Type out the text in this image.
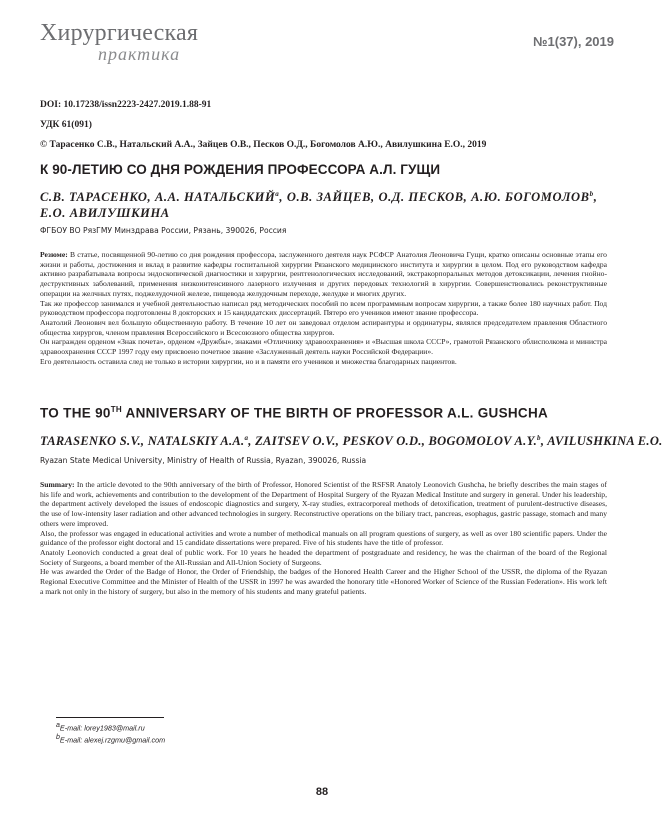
Хирургическая
практика
№1(37), 2019
DOI: 10.17238/issn2223-2427.2019.1.88-91
УДК 61(091)
© Тарасенко С.В., Натальский А.А., Зайцев О.В., Песков О.Д., Богомолов А.Ю., Авилушкина Е.О., 2019
К 90-ЛЕТИЮ СО ДНЯ РОЖДЕНИЯ ПРОФЕССОРА А.Л. ГУЩИ
С.В. ТАРАСЕНКО, А.А. НАТАЛЬСКИЙ$^a$, О.В. ЗАЙЦЕВ, О.Д. ПЕСКОВ, А.Ю. БОГОМОЛОВ$^b$,
Е.О. АВИЛУШКИНА
ФГБОУ ВО РязГМУ Минздрава России, Рязань, 390026, Россия

Резюме: В статье, посвященной 90-летию со дня рождения профессора, заслуженного деятеля наук РСФСР Анатолия Леоновича Гущи, кратко описаны основные этапы его жизни и работы, достижения и вклад в развитие кафедры госпитальной хирургии Рязанского медицинского института и хирургии в целом. Под его руководством кафедра активно разрабатывала вопросы эндоскопической диагностики и хирургии, рентгенологических исследований, экстракорпоральных методов детоксикации, лечения гнойно-деструктивных заболеваний, применения низкоинтенсивного лазерного излучения и других передовых технологий в хирургии. Совершенствовались реконструктивные операции на желчных путях, поджелудочной железе, пищевода желудочным переходе, желудке и многих других.

Так же профессор занимался и учебной деятельностью написал ряд методических пособий по всем программным вопросам хирургии, а также более 180 научных работ. Под руководством профессора подготовлены 8 докторских и 15 кандидатских диссертаций. Пятеро его учеников имеют звание профессора.

Анатолий Леонович вел большую общественную работу. В течение 10 лет он заведовал отделом аспирантуры и ординатуры, являлся председателем правления Областного общества хирургов, членом правления Всероссийского и Всесоюзного общества хирургов.

Он награжден орденом «Знак почета», орденом «Дружбы», знаками «Отличнику здравоохранения» и «Высшая школа СССР», грамотой Рязанского облисполкома и министра здравоохранения СССР 1997 году ему присвоено почетное звание «Заслуженный деятель науки Российской Федерации».

Его деятельность оставила след не только в истории хирургии, но и в памяти его учеников и множества благодарных пациентов.

TO THE 90TH ANNIVERSARY OF THE BIRTH OF PROFESSOR A.L. GUSHCHA
TARASENKO S.V., NATALSKIY A.A.$^a$, ZAITSEV O.V., PESKOV O.D., BOGOMOLOV A.Y.$^b$, AVILUSHKINA E.O.
Ryazan State Medical University, Ministry of Health of Russia, Ryazan, 390026, Russia

Summary: In the article devoted to the 90th anniversary of the birth of Professor, Honored Scientist of the RSFSR Anatoly Leonovich Gushcha, he briefly describes the main stages of his life and work, achievements and contribution to the development of the Department of Hospital Surgery of the Ryazan Medical Institute and surgery in general. Under his leadership, the department actively developed the issues of endoscopic diagnostics and surgery, X-ray studies, extracorporeal methods of detoxification, treatment of purulent-destructive diseases, the use of low-intensity laser radiation and other advanced technologies in surgery. Reconstructive operations on the biliary tract, pancreas, esophagus, gastric passage, stomach and many others were improved.

Also, the professor was engaged in educational activities and wrote a number of methodical manuals on all program questions of surgery, as well as over 180 scientific papers. Under the guidance of the professor eight doctoral and 15 candidate dissertations were prepared. Five of his students have the title of professor.

Anatoly Leonovich conducted a great deal of public work. For 10 years he headed the department of postgraduate and residency, he was the chairman of the board of the Regional Society of Surgeons, a board member of the All-Russian and All-Union Society of Surgeons.

He was awarded the Order of the Badge of Honor, the Order of Friendship, the badges of the Honored Health Career and the Higher School of the USSR, the diploma of the Ryazan Regional Executive Committee and the Minister of Health of the USSR in 1997 he was awarded the honorary title «Honored Worker of Science of the Russian Federation». His work left a mark not only in the history of surgery, but also in the memory of his students and many grateful patients.

$^a$E-mail: lorey1983@mail.ru
$^b$E-mail: alexej.rzgmu@gmail.com
88
